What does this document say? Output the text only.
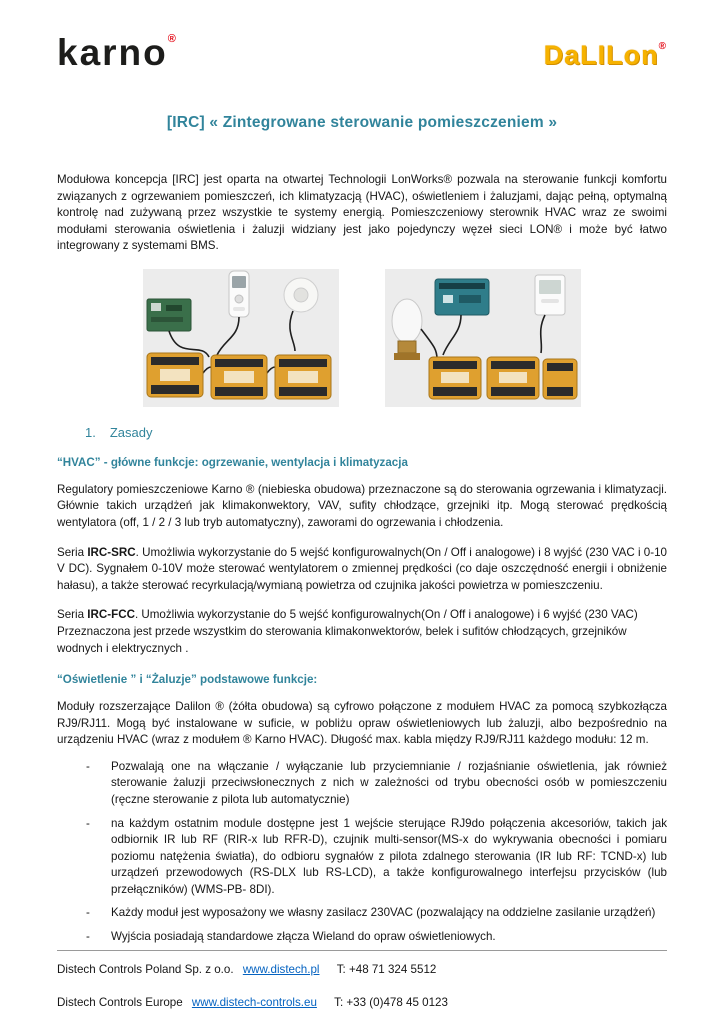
karno®
DaLILon®
[IRC] « Zintegrowane sterowanie pomieszczeniem »

Modułowa koncepcja [IRC] jest oparta na otwartej Technologii LonWorks® pozwala na sterowanie funkcji komfortu związanych z ogrzewaniem pomieszczeń, ich klimatyzacją (HVAC), oświetleniem i żaluzjami, dając pełną, optymalną kontrolę nad zużywaną przez wszystkie te systemy energią. Pomieszczeniowy sterownik HVAC wraz ze swoimi modułami sterowania oświetlenia i żaluzji widziany jest jako pojedynczy węzeł sieci LON® i może być łatwo integrowany z systemami BMS.

1. Zasady
“HVAC” - główne funkcje: ogrzewanie, wentylacja i klimatyzacja

Regulatory pomieszczeniowe Karno ® (niebieska obudowa) przeznaczone są do sterowania ogrzewania i klimatyzacji. Głównie takich urządżeń jak klimakonwektory, VAV, sufity chłodzące, grzejniki itp. Mogą sterować prędkością wentylatora (off, 1 / 2 / 3 lub tryb automatyczny), zaworami do ogrzewania i chłodzenia.

Seria IRC-SRC. Umożliwia wykorzystanie do 5 wejść konfigurowalnych(On / Off i analogowe) i 8 wyjść (230 VAC i 0-10 V DC). Sygnałem 0-10V może sterować wentylatorem o zmiennej prędkości (co daje oszczędność energii i obniżenie hałasu), a także sterować recyrkulacją/wymianą powietrza od czujnika jakości powietrza w pomieszczeniu.

Seria IRC-FCC. Umożliwia wykorzystanie do 5 wejść konfigurowalnych(On / Off i analogowe) i 6 wyjść (230 VAC) Przeznaczona jest przede wszystkim do sterowania klimakonwektorów, belek i sufitów chłodzących, grzejników wodnych i elektrycznych .

“Oświetlenie ” i “Żaluzje” podstawowe funkcje:

Moduły rozszerzające Dalilon ® (żółta obudowa) są cyfrowo połączone z modułem HVAC za pomocą szybkozłącza RJ9/RJ11. Mogą być instalowane w suficie, w pobliżu opraw oświetleniowych lub żaluzji, albo bezpośrednio na urządzeniu HVAC (wraz z modułem ® Karno HVAC). Długość max. kabla między RJ9/RJ11 każdego modułu: 12 m.

-	Pozwalają one na włączanie / wyłączanie lub przyciemnianie / rozjaśnianie oświetlenia, jak również sterowanie żaluzji przeciwsłonecznych z nich w zależności od trybu obecności osób w pomieszczeniu (ręczne sterowanie z pilota lub automatycznie)
-	na każdym ostatnim module dostępne jest 1 wejście sterujące RJ9do połączenia akcesoriów, takich jak odbiornik IR lub RF (RIR-x lub RFR-D), czujnik multi-sensor(MS-x do wykrywania obecności i pomiaru poziomu natężenia światła), do odbioru sygnałów z pilota zdalnego sterowania (IR lub RF: TCND-x) lub urządzeń przewodowych (RS-DLX lub RS-LCD), a także konfigurowalnego interfejsu przycisków (lub przełączników) (WMS-PB- 8DI).
-	Każdy moduł jest wyposażony we własny zasilacz 230VAC (pozwalający na oddzielne zasilanie urządżeń)
-	Wyjścia posiadają standardowe złącza Wieland do opraw oświetleniowych.
Distech Controls Poland Sp. z o.o. www.distech.pl T: +48 71 324 5512
Distech Controls Europe www.distech-controls.eu T: +33 (0)478 45 0123
